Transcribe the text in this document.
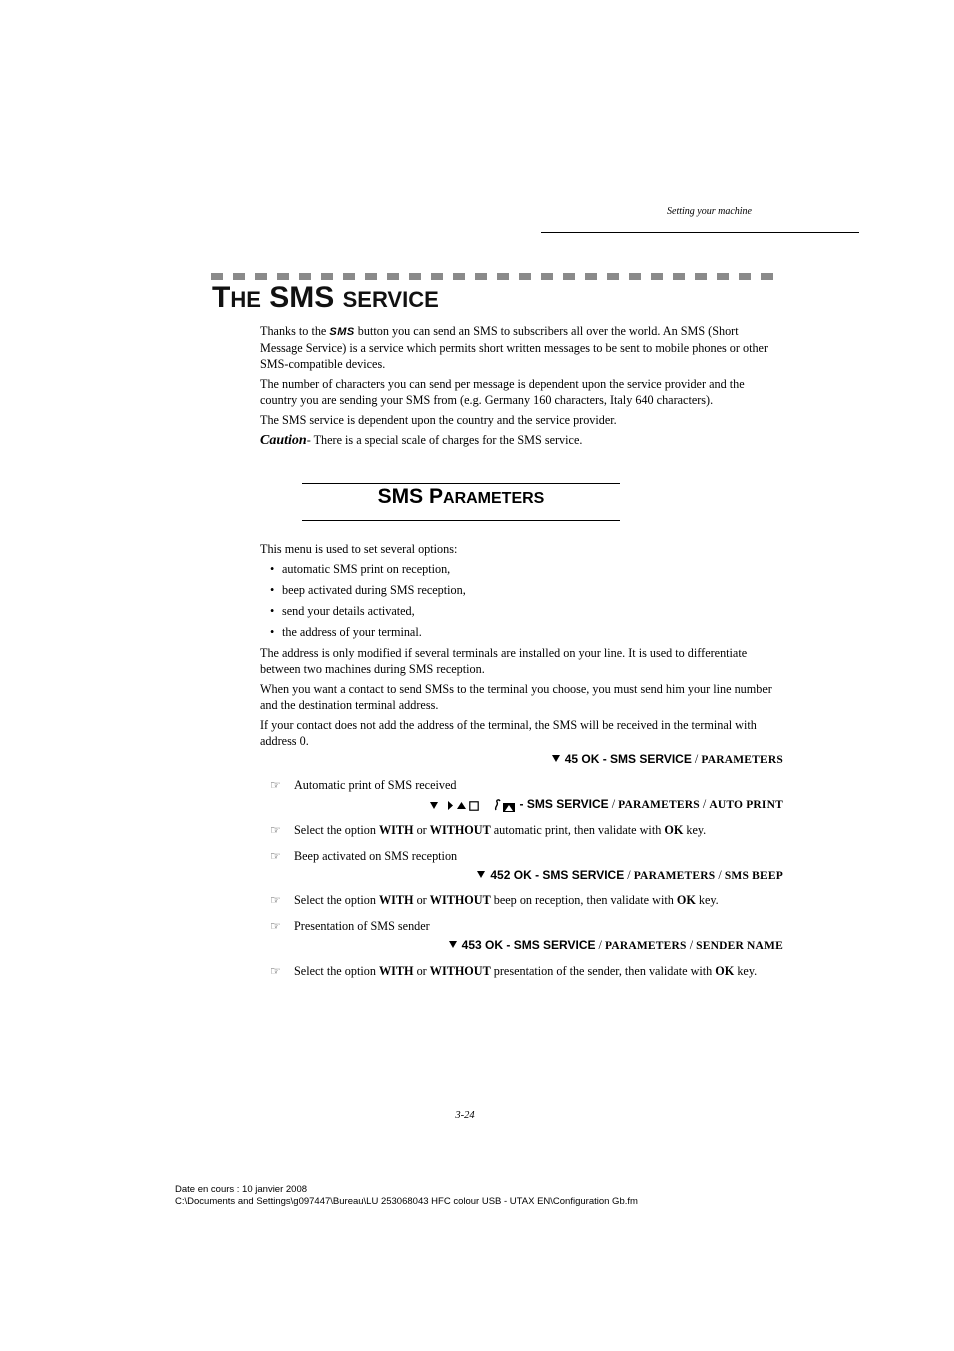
Setting your machine
THE SMS SERVICE

Thanks to the SMS button you can send an SMS to subscribers all over the world. An SMS (Short Message Service) is a service which permits short written messages to be sent to mobile phones or other SMS-compatible devices.

The number of characters you can send per message is dependent upon the service provider and the country you are sending your SMS from (e.g. Germany 160 characters, Italy 640 characters).

The SMS service is dependent upon the country and the service provider.

Caution- There is a special scale of charges for the SMS service.

SMS PARAMETERS

This menu is used to set several options:

• automatic SMS print on reception,
• beep activated during SMS reception,
• send your details activated,
• the address of your terminal.

The address is only modified if several terminals are installed on your line. It is used to differentiate between two machines during SMS reception.

When you want a contact to send SMSs to the terminal you choose, you must send him your line number and the destination terminal address.

If your contact does not add the address of the terminal, the SMS will be received in the terminal with address 0.

45 OK - SMS SERVICE / PARAMETERS
☞ Automatic print of SMS received
- SMS SERVICE / PARAMETERS / AUTO PRINT
☞ Select the option WITH or WITHOUT automatic print, then validate with OK key.
☞ Beep activated on SMS reception
452 OK - SMS SERVICE / PARAMETERS / SMS BEEP
☞ Select the option WITH or WITHOUT beep on reception, then validate with OK key.
☞ Presentation of SMS sender
453 OK - SMS SERVICE / PARAMETERS / SENDER NAME
☞ Select the option WITH or WITHOUT presentation of the sender, then validate with OK key.
3-24
Date en cours : 10 janvier 2008
C:\Documents and Settings\g097447\Bureau\LU 253068043 HFC colour USB - UTAX EN\Configuration Gb.fm
